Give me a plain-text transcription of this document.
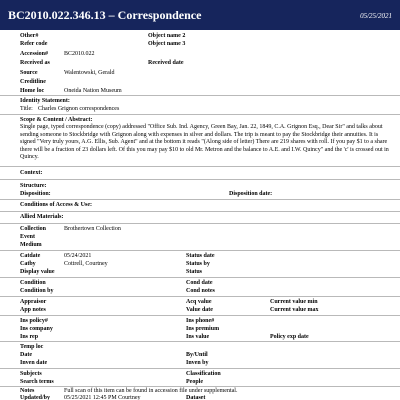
BC2010.022.346.13 – Correspondence	05/25/2021
Other#	Object name 2
Refer code	Object name 3
Accession#	BC2010.022
Received as	Received date
Source	Walentowski, Gerald
Creditline
Home loc	Oneida Nation Museum
Identity Statement:
Title: Charles Grignon correspondences
Scope & Content / Abstract:
Single page, typed correspondence (copy) addressed "Office Sub. Ind. Agency, Green Bay, Jan. 22, 1849, C.A. Grignon Esq., Dear Sir" and talks about sending someone to Stockbridge with Grignon along with expenses in silver and dollars. The trip is meant to pay the Stockbridge their annuities. It is signed "Very truly yours, A.G. Ellis, Sub. Agent" and at the bottom it reads "(Along side of letter) There are 219 shares with roll. If you pay $1 to a share there will be a fraction of 23 dollars left. Of this you may pay $10 to old Mr. Metron and the balance to A.E. and I.W. Quincy" and the 'c' is crossed out in Quincy.
Context:
Structure:
Disposition:	Disposition date:
Conditions of Access & Use:
Allied Materials:
Collection	Brothertown Collection
Event
Medium
Catdate	05/24/2021	Status date
Catby	Cottrell, Courtney	Status by
Display value	Status
Condition	Cond date
Condition by	Cond notes
Appraisor	Acq value	Current value min
App notes	Value date	Current value max
Ins policy#	Ins phone#
Ins company	Ins premium
Ins rep	Ins value	Policy exp date
Temp loc
Date	By/Until
Inven date	Inven by
Subjects	Classification
Search terms	People
Notes	Full scan of this item can be found in accession file under supplemental.
Updated/by 05/25/2021 12:45 PM Courtney	Dataset
